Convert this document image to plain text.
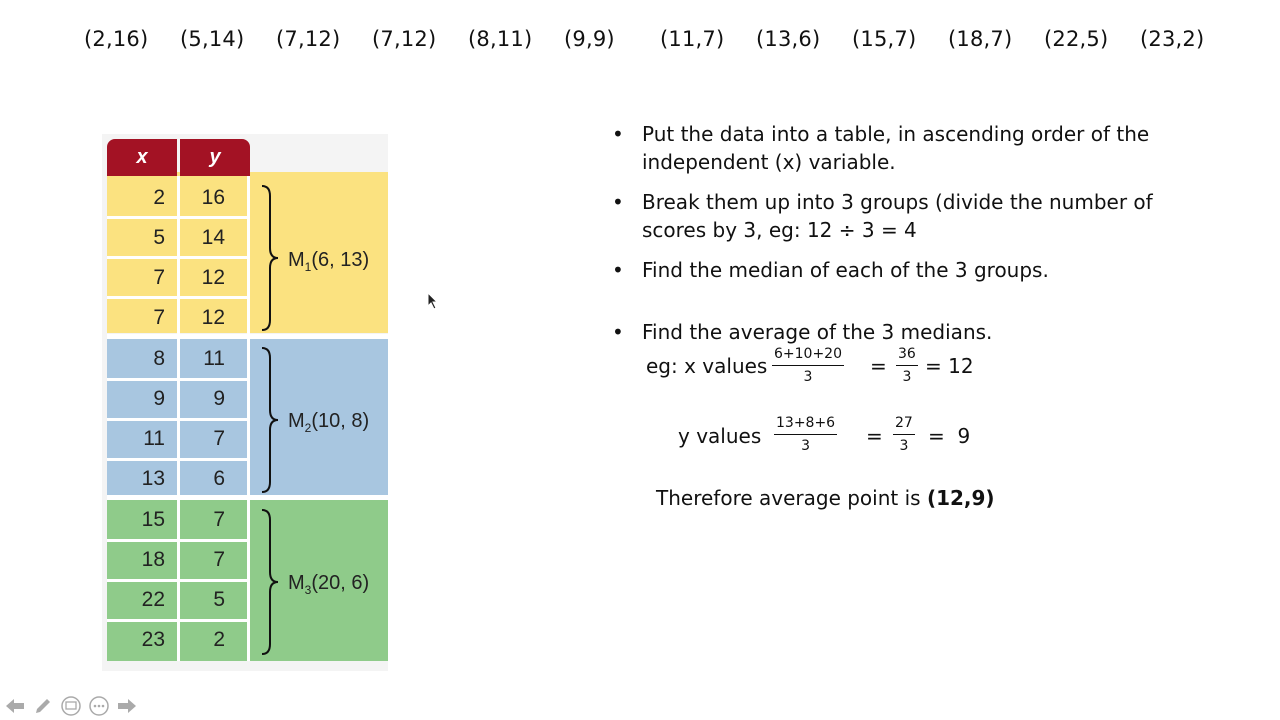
(2,16) (5,14) (7,12) (7,12) (8,11) (9,9) (11,7) (13,6) (15,7) (18,7) (22,5) (23,2)
x	y
2	16
5	14
7	12
7	12
8	11
9	9
11	7
13	6
15	7
18	7
22	5
23	2
$M_1(6$, 13)
$M_2(10$, 8)
$M_3(20$, 6)
• Put the data into a table, in ascending order of the
independent (x) variable.
• Break them up into 3 groups (divide the number of
scores by 3, eg: 12 ÷ 3 = 4
• Find the median of each of the 3 groups.
• Find the average of the 3 medians.
eg: x values $\frac{6+10+20}{3} = \frac{36}{3} = 12$
y values $\frac{13+8+6}{3} = \frac{27}{3} = 9$
Therefore average point is (12,9)
